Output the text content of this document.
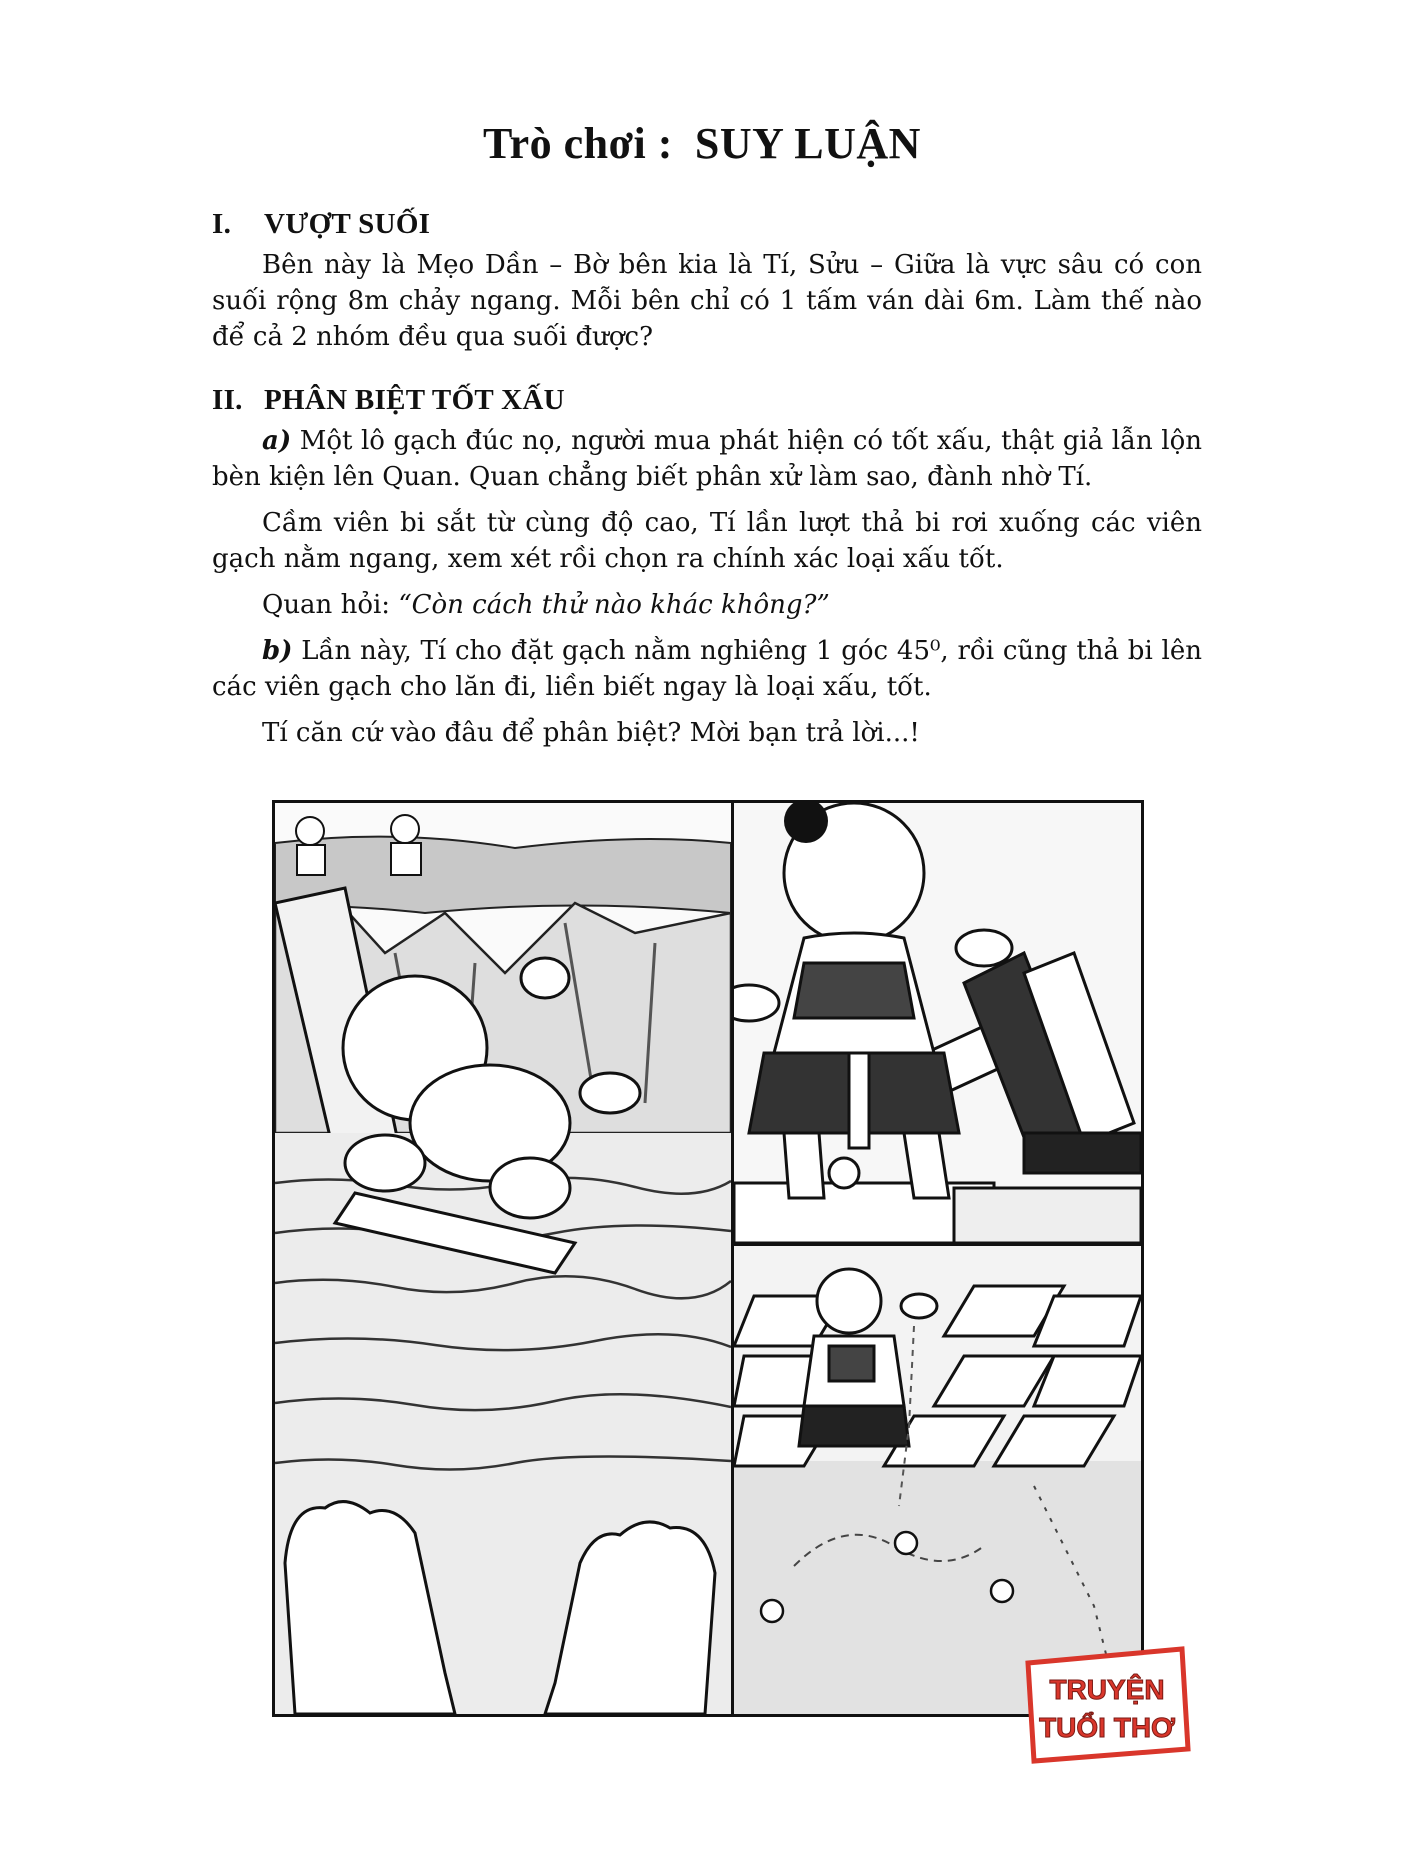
Trò chơi : SUY LUẬN
I. VƯỢT SUỐI

Bên này là Mẹo Dần – Bờ bên kia là Tí, Sửu – Giữa là vực sâu có con suối rộng 8m chảy ngang. Mỗi bên chỉ có 1 tấm ván dài 6m. Làm thế nào để cả 2 nhóm đều qua suối được?

II. PHÂN BIỆT TỐT XẤU

a) Một lô gạch đúc nọ, người mua phát hiện có tốt xấu, thật giả lẫn lộn bèn kiện lên Quan. Quan chẳng biết phân xử làm sao, đành nhờ Tí.

Cầm viên bi sắt từ cùng độ cao, Tí lần lượt thả bi rơi xuống các viên gạch nằm ngang, xem xét rồi chọn ra chính xác loại xấu tốt.

Quan hỏi: “Còn cách thử nào khác không?”

b) Lần này, Tí cho đặt gạch nằm nghiêng 1 góc 45⁰, rồi cũng thả bi lên các viên gạch cho lăn đi, liền biết ngay là loại xấu, tốt.

Tí căn cứ vào đâu để phân biệt? Mời bạn trả lời...!

TRUYỆN
TUỔI THƠ
